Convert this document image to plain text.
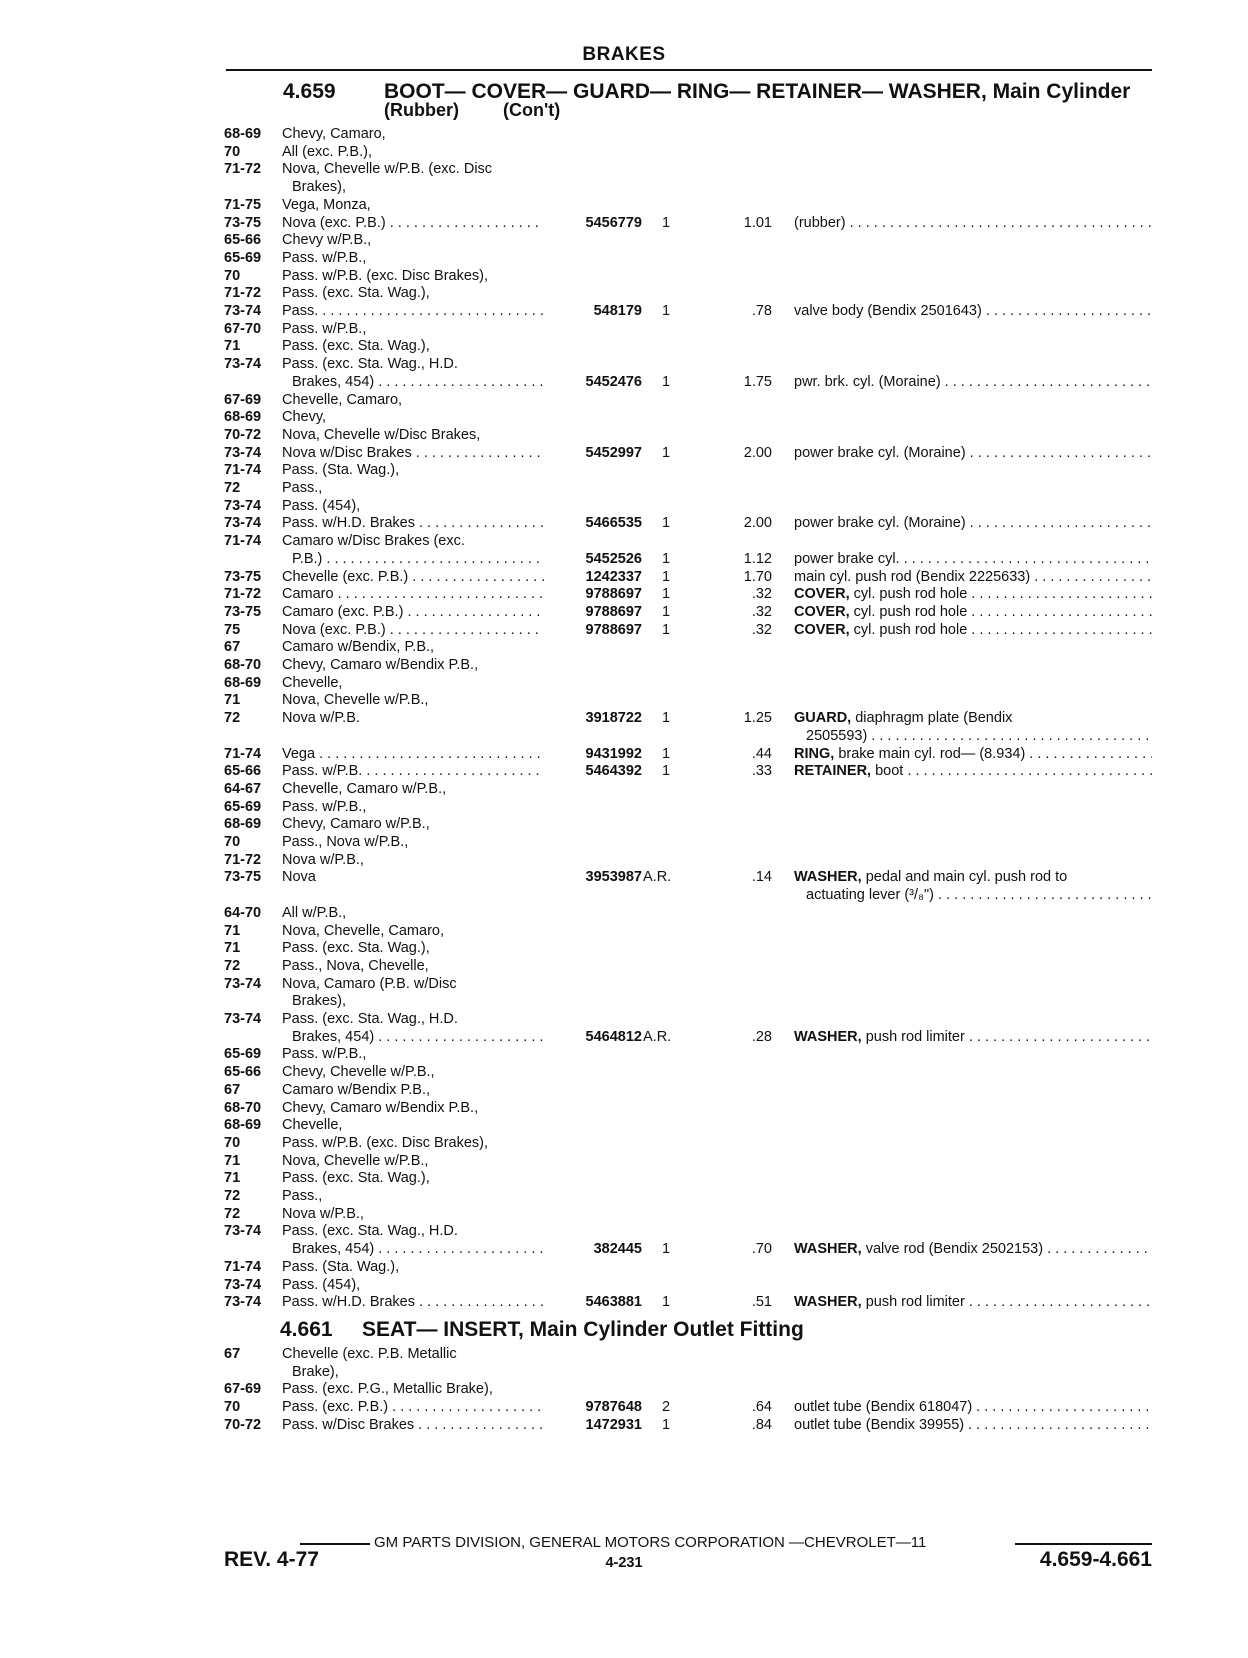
BRAKES
4.659 BOOT— COVER— GUARD— RING— RETAINER— WASHER, Main Cylinder
(Rubber) (Con't)
68-69 Chevy, Camaro,
70	All (exc. P.B.),
71-72 Nova, Chevelle w/P.B. (exc. Disc
Brakes),
71-75 Vega, Monza,
73-75 Nova (exc. P.B.) . . .	5456779 1	1.01 (rubber) . . .
65-66 Chevy w/P.B.,
65-69 Pass. w/P.B.,
70	Pass. w/P.B. (exc. Disc Brakes),
71-72 Pass. (exc. Sta. Wag.),
73-74 Pass. . . .	548179 1	.78 valve body (Bendix 2501643) . . .
67-70 Pass. w/P.B.,
71	Pass. (exc. Sta. Wag.),
73-74 Pass. (exc. Sta. Wag., H.D.
Brakes, 454) . . .	5452476 1	1.75 pwr. brk. cyl. (Moraine) . . .
67-69 Chevelle, Camaro,
68-69 Chevy,
70-72 Nova, Chevelle w/Disc Brakes,
73-74 Nova w/Disc Brakes . . .	5452997 1	2.00 power brake cyl. (Moraine) . . .
71-74 Pass. (Sta. Wag.),
72	Pass.,
73-74 Pass. (454),
73-74 Pass. w/H.D. Brakes . . .	5466535 1	2.00 power brake cyl. (Moraine) . . .
71-74 Camaro w/Disc Brakes (exc.
P.B.) . . .	5452526 1	1.12 power brake cyl. . . .
73-75 Chevelle (exc. P.B.) . . .	1242337 1	1.70 main cyl. push rod (Bendix 2225633) . . .
71-72 Camaro . . .	9788697 1	.32 COVER, cyl. push rod hole . . .
73-75 Camaro (exc. P.B.) . . .	9788697 1	.32 COVER, cyl. push rod hole . . .
75	Nova (exc. P.B.) . . .	9788697 1	.32 COVER, cyl. push rod hole . . .
67	Camaro w/Bendix, P.B.,
68-70 Chevy, Camaro w/Bendix P.B.,
68-69 Chevelle,
71	Nova, Chevelle w/P.B.,
72	Nova w/P.B.	3918722 1	1.25 GUARD, diaphragm plate (Bendix
2505593) . . .
71-74 Vega . . .	9431992 1	.44 RING, brake main cyl. rod— (8.934) . . .
65-66 Pass. w/P.B. . . .	5464392 1	.33 RETAINER, boot . . .
64-67 Chevelle, Camaro w/P.B.,
65-69 Pass. w/P.B.,
68-69 Chevy, Camaro w/P.B.,
70	Pass., Nova w/P.B.,
71-72 Nova w/P.B.,
73-75 Nova	3953987 A.R.	.14 WASHER, pedal and main cyl. push rod to
actuating lever (³/₈") . . .
64-70 All w/P.B.,
71	Nova, Chevelle, Camaro,
71	Pass. (exc. Sta. Wag.),
72	Pass., Nova, Chevelle,
73-74 Nova, Camaro (P.B. w/Disc
Brakes),
73-74 Pass. (exc. Sta. Wag., H.D.
Brakes, 454) . . .	5464812 A.R.	.28 WASHER, push rod limiter . . .
65-69 Pass. w/P.B.,
65-66 Chevy, Chevelle w/P.B.,
67	Camaro w/Bendix P.B.,
68-70 Chevy, Camaro w/Bendix P.B.,
68-69 Chevelle,
70	Pass. w/P.B. (exc. Disc Brakes),
71	Nova, Chevelle w/P.B.,
71	Pass. (exc. Sta. Wag.),
72	Pass.,
72	Nova w/P.B.,
73-74 Pass. (exc. Sta. Wag., H.D.
Brakes, 454) . . .	382445 1	.70 WASHER, valve rod (Bendix 2502153) . . .
71-74 Pass. (Sta. Wag.),
73-74 Pass. (454),
73-74 Pass. w/H.D. Brakes . . .	5463881 1	.51 WASHER, push rod limiter . . .
4.661 SEAT— INSERT, Main Cylinder Outlet Fitting
67	Chevelle (exc. P.B. Metallic
Brake),
67-69 Pass. (exc. P.G., Metallic Brake),
70	Pass. (exc. P.B.) . . .	9787648 2	.64 outlet tube (Bendix 618047) . . .
70-72 Pass. w/Disc Brakes . . .	1472931 1	.84 outlet tube (Bendix 39955) . . .
GM PARTS DIVISION, GENERAL MOTORS CORPORATION —CHEVROLET—11
REV. 4-77	4-231	4.659-4.661
